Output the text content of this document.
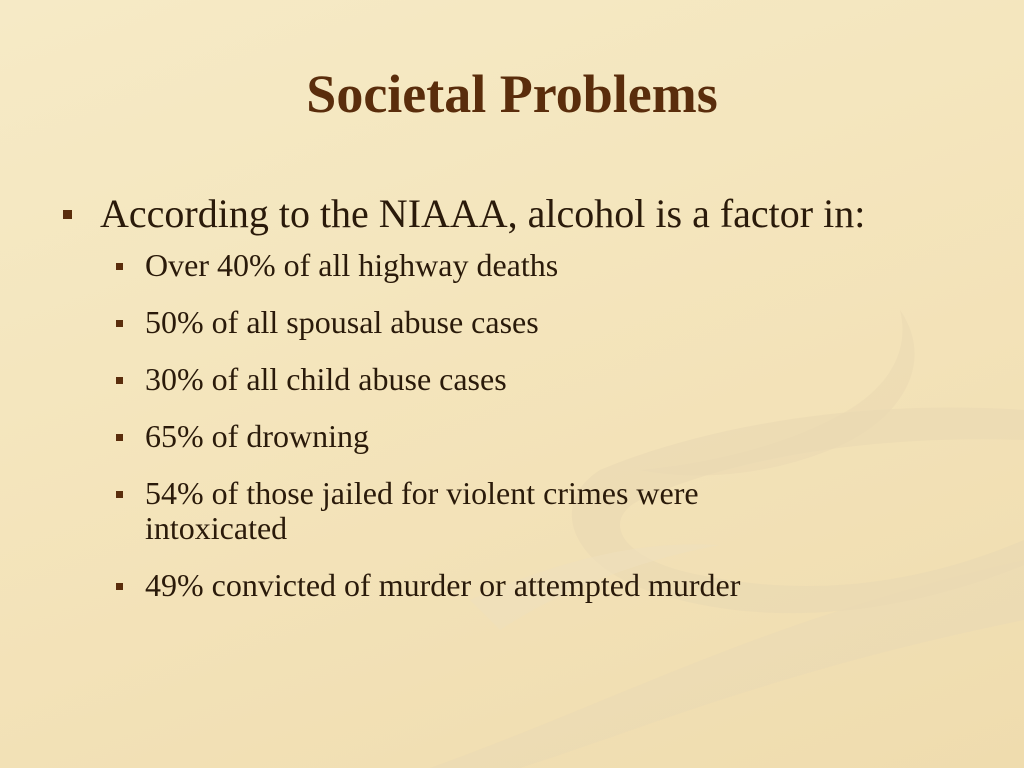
Societal Problems
According to the NIAAA, alcohol is a factor in:
Over 40% of all highway deaths
50% of all spousal abuse cases
30% of all child abuse cases
65% of drowning
54% of those jailed for violent crimes were intoxicated
49% convicted of murder or attempted murder
